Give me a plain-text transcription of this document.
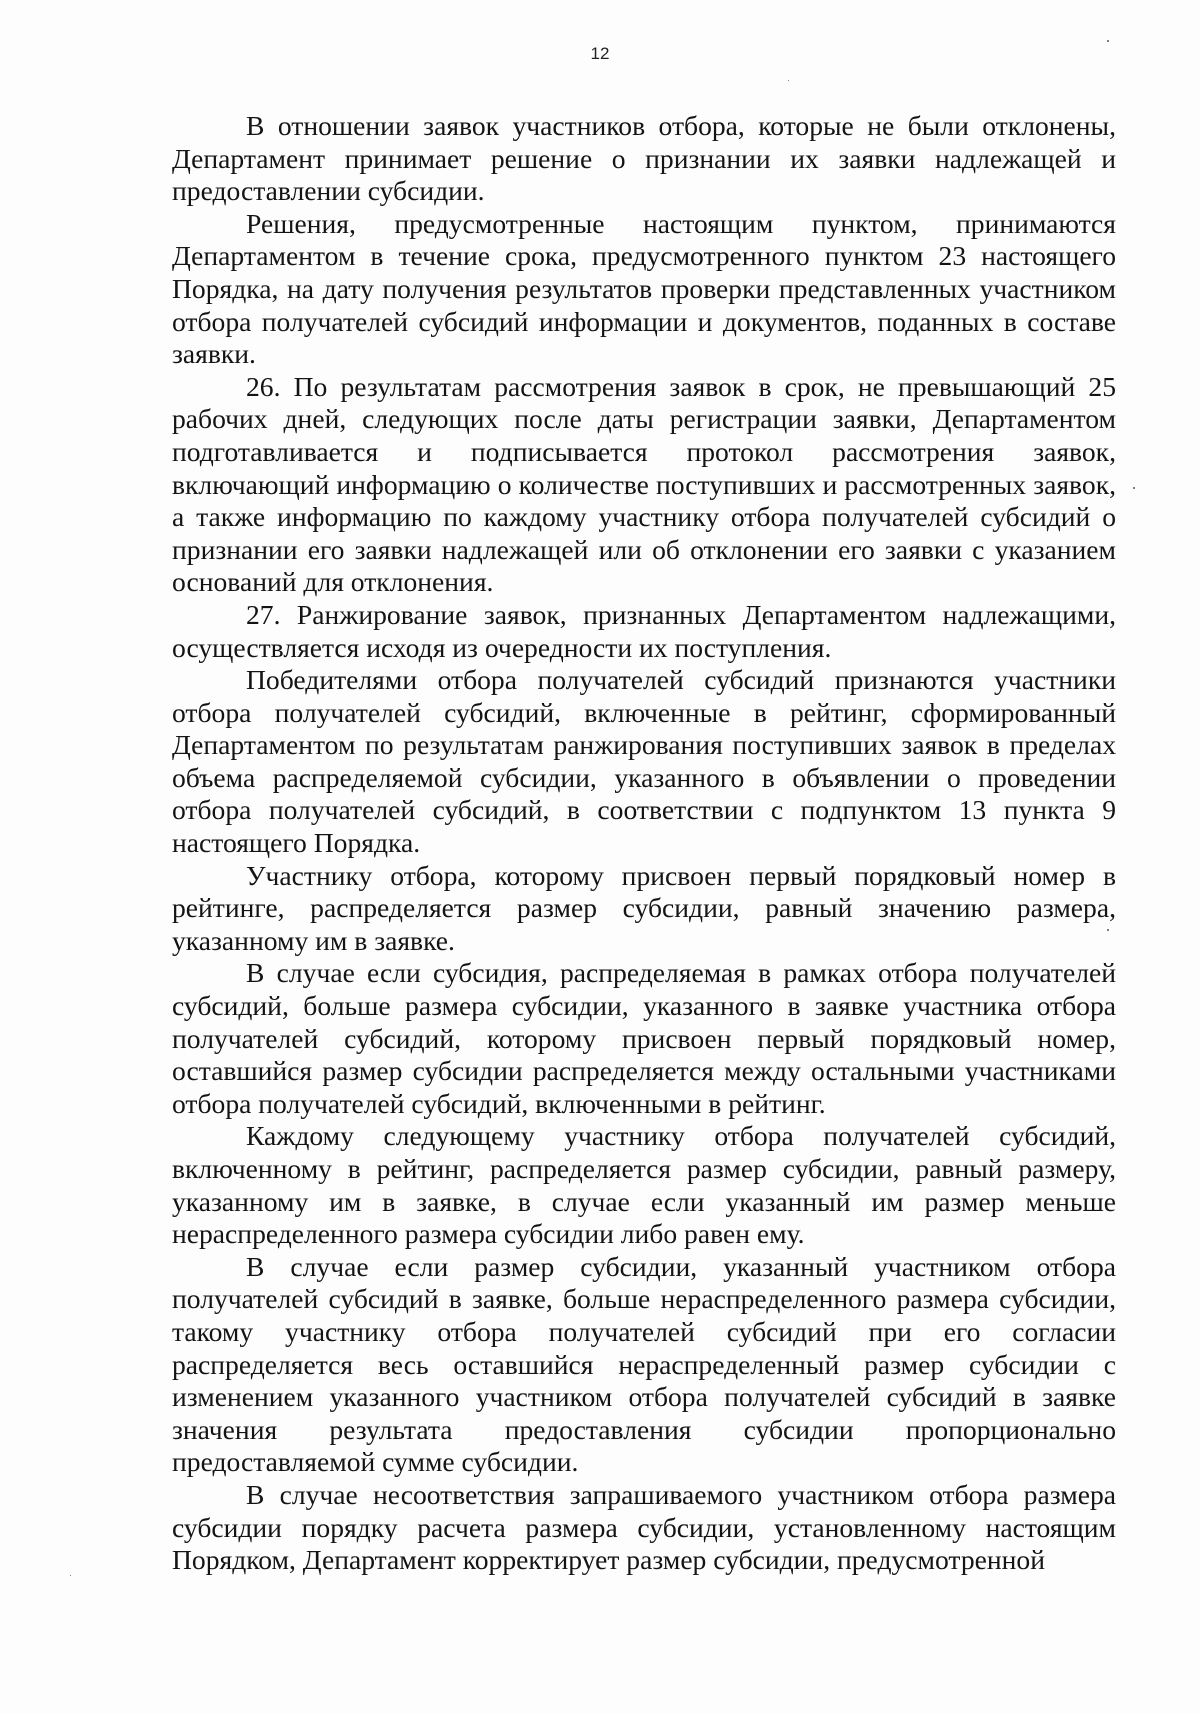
12

В отношении заявок участников отбора, которые не были отклонены, Департамент принимает решение о признании их заявки надлежащей и предоставлении субсидии.

Решения, предусмотренные настоящим пунктом, принимаются Департаментом в течение срока, предусмотренного пунктом 23 настоящего Порядка, на дату получения результатов проверки представленных участником отбора получателей субсидий информации и документов, поданных в составе заявки.

26. По результатам рассмотрения заявок в срок, не превышающий 25 рабочих дней, следующих после даты регистрации заявки, Департаментом подготавливается и подписывается протокол рассмотрения заявок, включающий информацию о количестве поступивших и рассмотренных заявок, а также информацию по каждому участнику отбора получателей субсидий о признании его заявки надлежащей или об отклонении его заявки с указанием оснований для отклонения.

27. Ранжирование заявок, признанных Департаментом надлежащими, осуществляется исходя из очередности их поступления.

Победителями отбора получателей субсидий признаются участники отбора получателей субсидий, включенные в рейтинг, сформированный Департаментом по результатам ранжирования поступивших заявок в пределах объема распределяемой субсидии, указанного в объявлении о проведении отбора получателей субсидий, в соответствии с подпунктом 13 пункта 9 настоящего Порядка.

Участнику отбора, которому присвоен первый порядковый номер в рейтинге, распределяется размер субсидии, равный значению размера, указанному им в заявке.

В случае если субсидия, распределяемая в рамках отбора получателей субсидий, больше размера субсидии, указанного в заявке участника отбора получателей субсидий, которому присвоен первый порядковый номер, оставшийся размер субсидии распределяется между остальными участниками отбора получателей субсидий, включенными в рейтинг.

Каждому следующему участнику отбора получателей субсидий, включенному в рейтинг, распределяется размер субсидии, равный размеру, указанному им в заявке, в случае если указанный им размер меньше нераспределенного размера субсидии либо равен ему.

В случае если размер субсидии, указанный участником отбора получателей субсидий в заявке, больше нераспределенного размера субсидии, такому участнику отбора получателей субсидий при его согласии распределяется весь оставшийся нераспределенный размер субсидии с изменением указанного участником отбора получателей субсидий в заявке значения результата предоставления субсидии пропорционально предоставляемой сумме субсидии.

В случае несоответствия запрашиваемого участником отбора размера субсидии порядку расчета размера субсидии, установленному настоящим Порядком, Департамент корректирует размер субсидии, предусмотренной
